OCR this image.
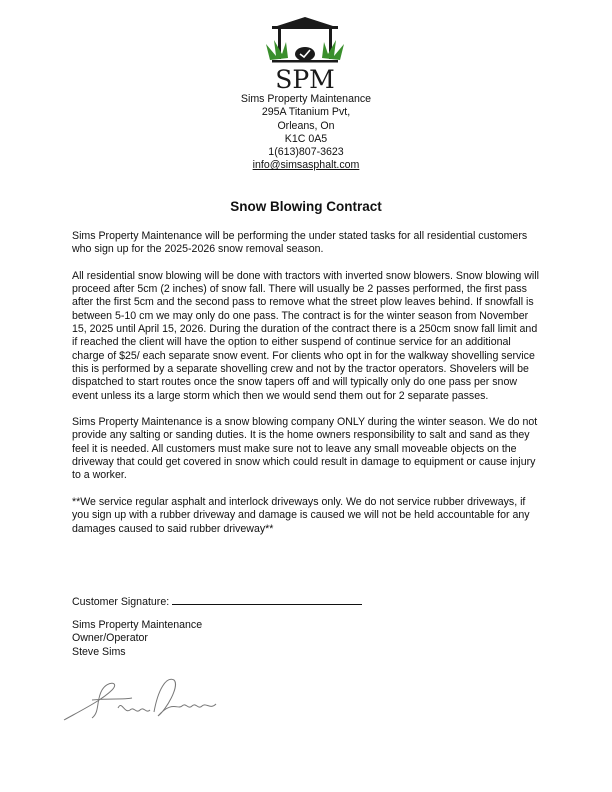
SPM
Sims Property Maintenance
295A Titanium Pvt,
Orleans, On
K1C 0A5
1(613)807-3623
info@simsasphalt.com
Snow Blowing Contract

Sims Property Maintenance will be performing the under stated tasks for all residential customers who sign up for the 2025-2026 snow removal season.

All residential snow blowing will be done with tractors with inverted snow blowers. Snow blowing will proceed after 5cm (2 inches) of snow fall. There will usually be 2 passes performed, the first pass after the first 5cm and the second pass to remove what the street plow leaves behind. If snowfall is between 5-10 cm we may only do one pass. The contract is for the winter season from November 15, 2025 until April 15, 2026. During the duration of the contract there is a 250cm snow fall limit and if reached the client will have the option to either suspend of continue service for an additional charge of $25/ each separate snow event. For clients who opt in for the walkway shovelling service this is performed by a separate shovelling crew and not by the tractor operators. Shovelers will be dispatched to start routes once the snow tapers off and will typically only do one pass per snow event unless its a large storm which then we would send them out for 2 separate passes.

Sims Property Maintenance is a snow blowing company ONLY during the winter season. We do not provide any salting or sanding duties. It is the home owners responsibility to salt and sand as they feel it is needed. All customers must make sure not to leave any small moveable objects on the driveway that could get covered in snow which could result in damage to equipment or cause injury to a worker.

**We service regular asphalt and interlock driveways only. We do not service rubber driveways, if you sign up with a rubber driveway and damage is caused we will not be held accountable for any damages caused to said rubber driveway**

Customer Signature:
Sims Property Maintenance
Owner/Operator
Steve Sims
